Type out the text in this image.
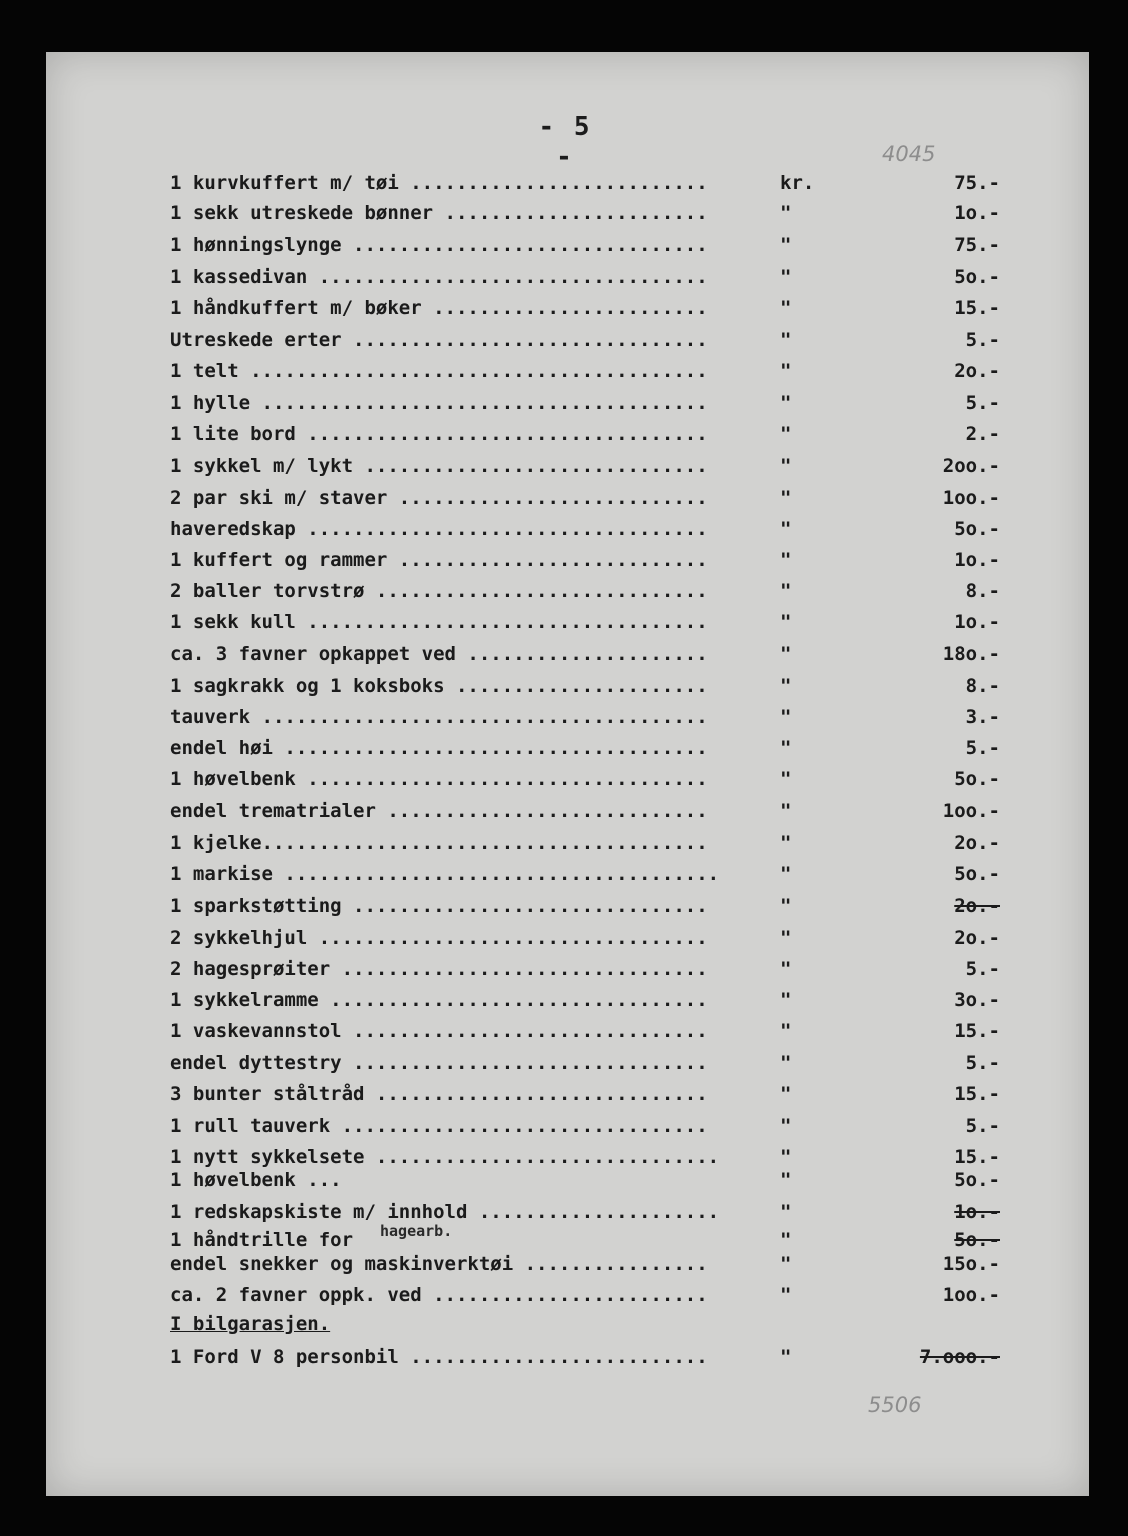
- 5 -	4045
1 kurvkuffert m/ tøi ..........................	kr.	75.-
1 sekk utreskede bønner .......................	"	1o.-
1 hønningslynge ...............................	"	75.-
1 kassedivan ..................................	"	5o.-
1 håndkuffert m/ bøker ........................	"	15.-
Utreskede erter ...............................	"	5.-
1 telt ........................................	"	2o.-
1 hylle .......................................	"	5.-
1 lite bord ...................................	"	2.-
1 sykkel m/ lykt ..............................	"	2oo.-
2 par ski m/ staver ...........................	"	1oo.-
haveredskap ...................................	"	5o.-
1 kuffert og rammer ...........................	"	1o.-
2 baller torvstrø .............................	"	8.-
1 sekk kull ...................................	"	1o.-
ca. 3 favner opkappet ved .....................	"	18o.-
1 sagkrakk og 1 koksboks ......................	"	8.-
tauverk .......................................	"	3.-
endel høi .....................................	"	5.-
1 høvelbenk ...................................	"	5o.-
endel trematrialer ............................	"	1oo.-
1 kjelke.......................................	"	2o.-
1 markise ......................................	"	5o.-
1 sparkstøtting ...............................	"	2o.-
2 sykkelhjul ..................................	"	2o.-
2 hagesprøiter ................................	"	5.-
1 sykkelramme .................................	"	3o.-
1 vaskevannstol ...............................	"	15.-
endel dyttestry ...............................	"	5.-
3 bunter ståltråd .............................	"	15.-
1 rull tauverk ................................	"	5.-
1 nytt sykkelsete ..............................	"	15.-
1 høvelbenk ...	"	5o.-
1 redskapskiste m/ innhold .....................	"	1o.-
1 håndtrille for	"	5o.-
endel snekker og maskinverktøi ................	"	15o.-
ca. 2 favner oppk. ved ........................	"	1oo.-
hagearb.
I bilgarasjen.
1 Ford V 8 personbil ..........................	"	7.ooo.-
5506
